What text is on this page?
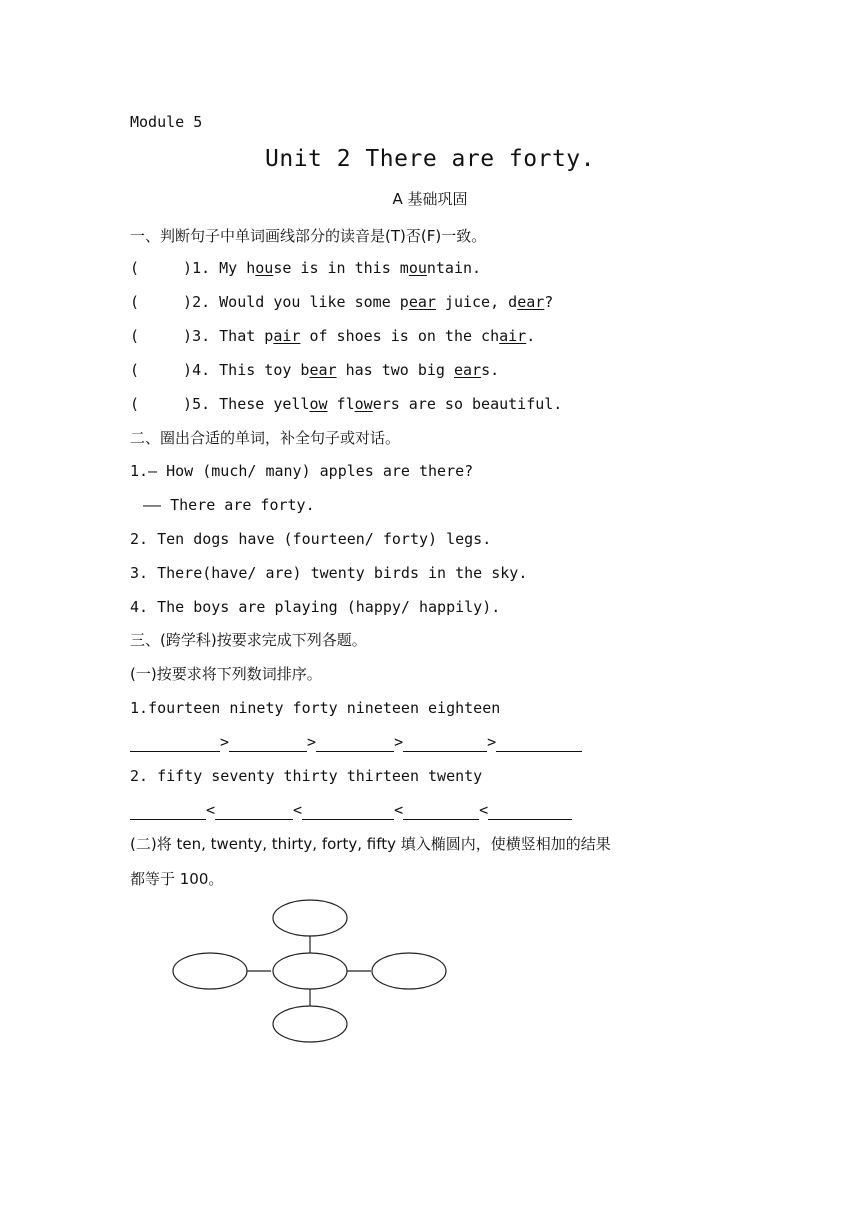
Module 5
Unit 2 There are forty.
A 基础巩固
一、判断句子中单词画线部分的读音是(T)否(F)一致。
(	)1. My house is in this mountain.
(	)2. Would you like some pear juice, dear?
(	)3. That pair of shoes is on the chair.
(	)4. This toy bear has two big ears.
(	)5. These yellow flowers are so beautiful.
二、圈出合适的单词，补全句子或对话。
1.— How (much/ many) apples are there?
—— There are forty.
2. Ten dogs have (fourteen/ forty) legs.
3. There(have/ are) twenty birds in the sky.
4. The boys are playing (happy/ happily).
三、(跨学科)按要求完成下列各题。
(一)按要求将下列数词排序。
1.fourteen ninety forty nineteen eighteen
>	>	>	>
2. fifty seventy thirty thirteen twenty
<	<	<	<
(二)将 ten, twenty, thirty, forty, fifty 填入椭圆内，使横竖相加的结果
都等于 100。
